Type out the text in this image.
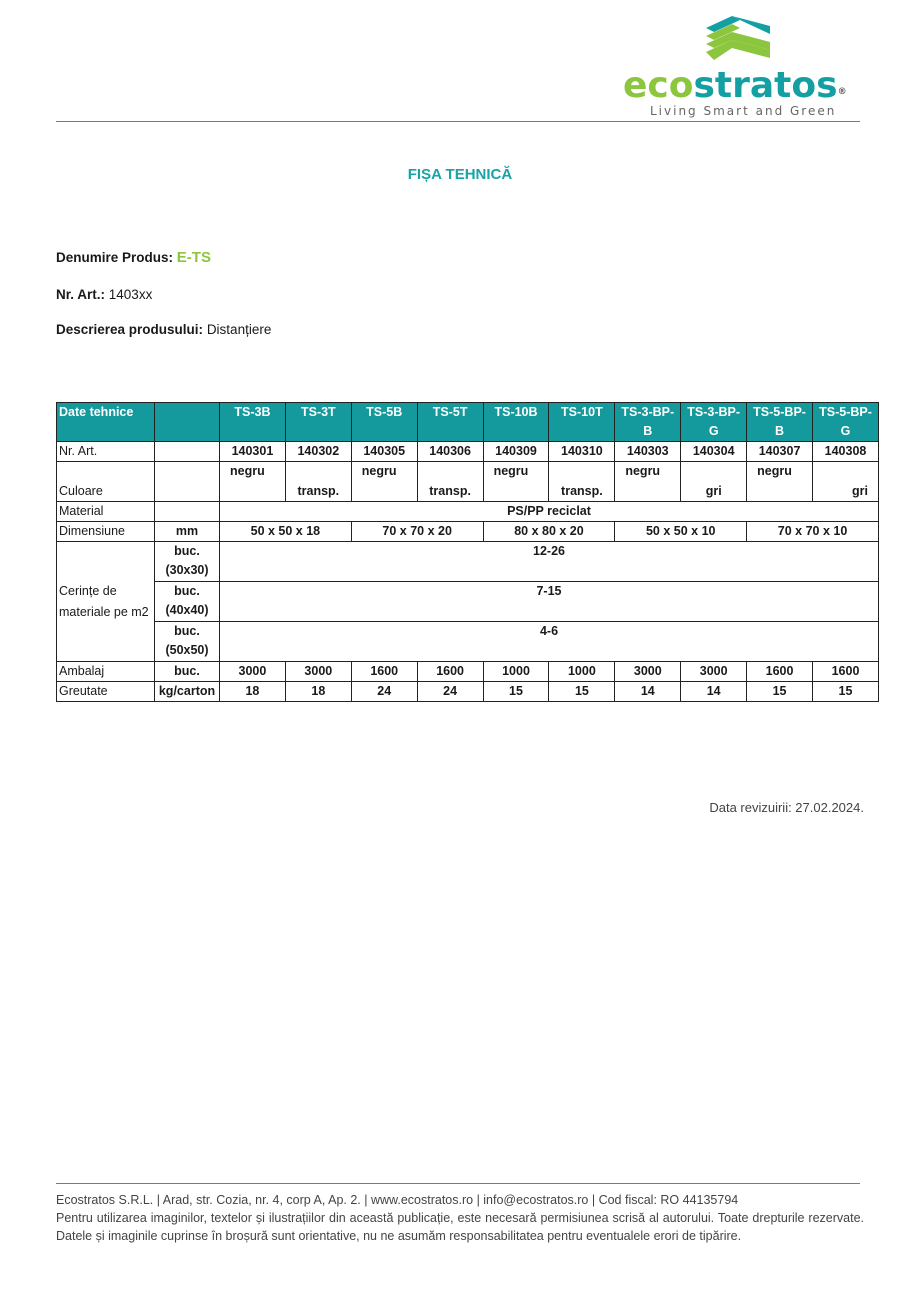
ecostratos®
Living Smart and Green
FIȘA TEHNICĂ
Denumire Produs: E-TS
Nr. Art.: 1403xx
Descrierea produsului: Distanțiere
Date tehnice		TS-3B	TS-3T	TS-5B	TS-5T	TS-10B	TS-10T	TS-3-BP-B	TS-3-BP-G	TS-5-BP-B	TS-5-BP-G
Nr. Art.		140301	140302	140305	140306	140309	140310	140303	140304	140307	140308
Culoare		negru	transp.	negru	transp.	negru	transp.	negru	gri	negru	gri
Material		PS/PP reciclat									
Dimensiune	mm	50 x 50 x 18		70 x 70 x 20		80 x 80 x 20		50 x 50 x 10		70 x 70 x 10	
Cerințe de materiale pe m2	buc. (30x30)	12-26									
	buc. (40x40)	7-15									
	buc. (50x50)	4-6									
Ambalaj	buc.	3000	3000	1600	1600	1000	1000	3000	3000	1600	1600
Greutate	kg/carton	18	18	24	24	15	15	14	14	15	15
Data revizuirii: 27.02.2024.
Ecostratos S.R.L. | Arad, str. Cozia, nr. 4, corp A, Ap. 2. | www.ecostratos.ro | info@ecostratos.ro | Cod fiscal: RO 44135794
Pentru utilizarea imaginilor, textelor și ilustrațiilor din această publicație, este necesară permisiunea scrisă al autorului. Toate drepturile rezervate. Datele și imaginile cuprinse în broșură sunt orientative, nu ne asumăm responsabilitatea pentru eventualele erori de tipărire.
